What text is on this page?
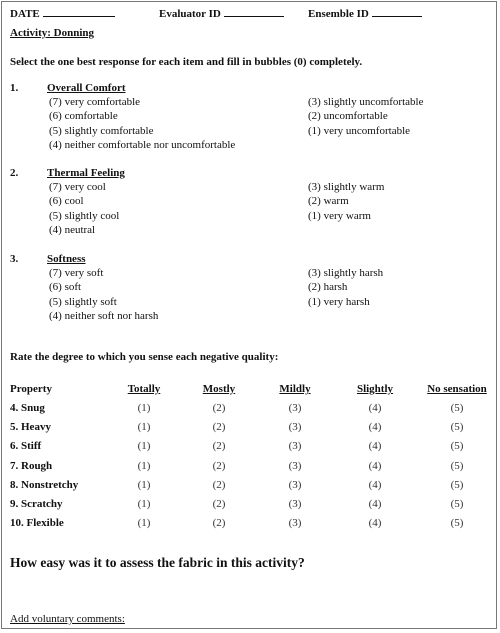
DATE	Evaluator ID	Ensemble ID
Activity: Donning
Select the one best response for each item and fill in bubbles (0) completely.
1.	Overall Comfort
(7) very comfortable
(6) comfortable
(5) slightly comfortable
(4) neither comfortable nor uncomfortable
(3) slightly uncomfortable
(2) uncomfortable
(1) very uncomfortable
2.	Thermal Feeling
(7) very cool
(6) cool
(5) slightly cool
(4) neutral
(3) slightly warm
(2) warm
(1) very warm
3.	Softness
(7) very soft
(6) soft
(5) slightly soft
(4) neither soft nor harsh
(3) slightly harsh
(2) harsh
(1) very harsh
Rate the degree to which you sense each negative quality:
Property	Totally	Mostly	Mildly	Slightly	No sensation
4. Snug	(1)	(2)	(3)	(4)	(5)
5. Heavy	(1)	(2)	(3)	(4)	(5)
6. Stiff	(1)	(2)	(3)	(4)	(5)
7. Rough	(1)	(2)	(3)	(4)	(5)
8. Nonstretchy	(1)	(2)	(3)	(4)	(5)
9. Scratchy	(1)	(2)	(3)	(4)	(5)
10. Flexible	(1)	(2)	(3)	(4)	(5)
How easy was it to assess the fabric in this activity?
Add voluntary comments:
